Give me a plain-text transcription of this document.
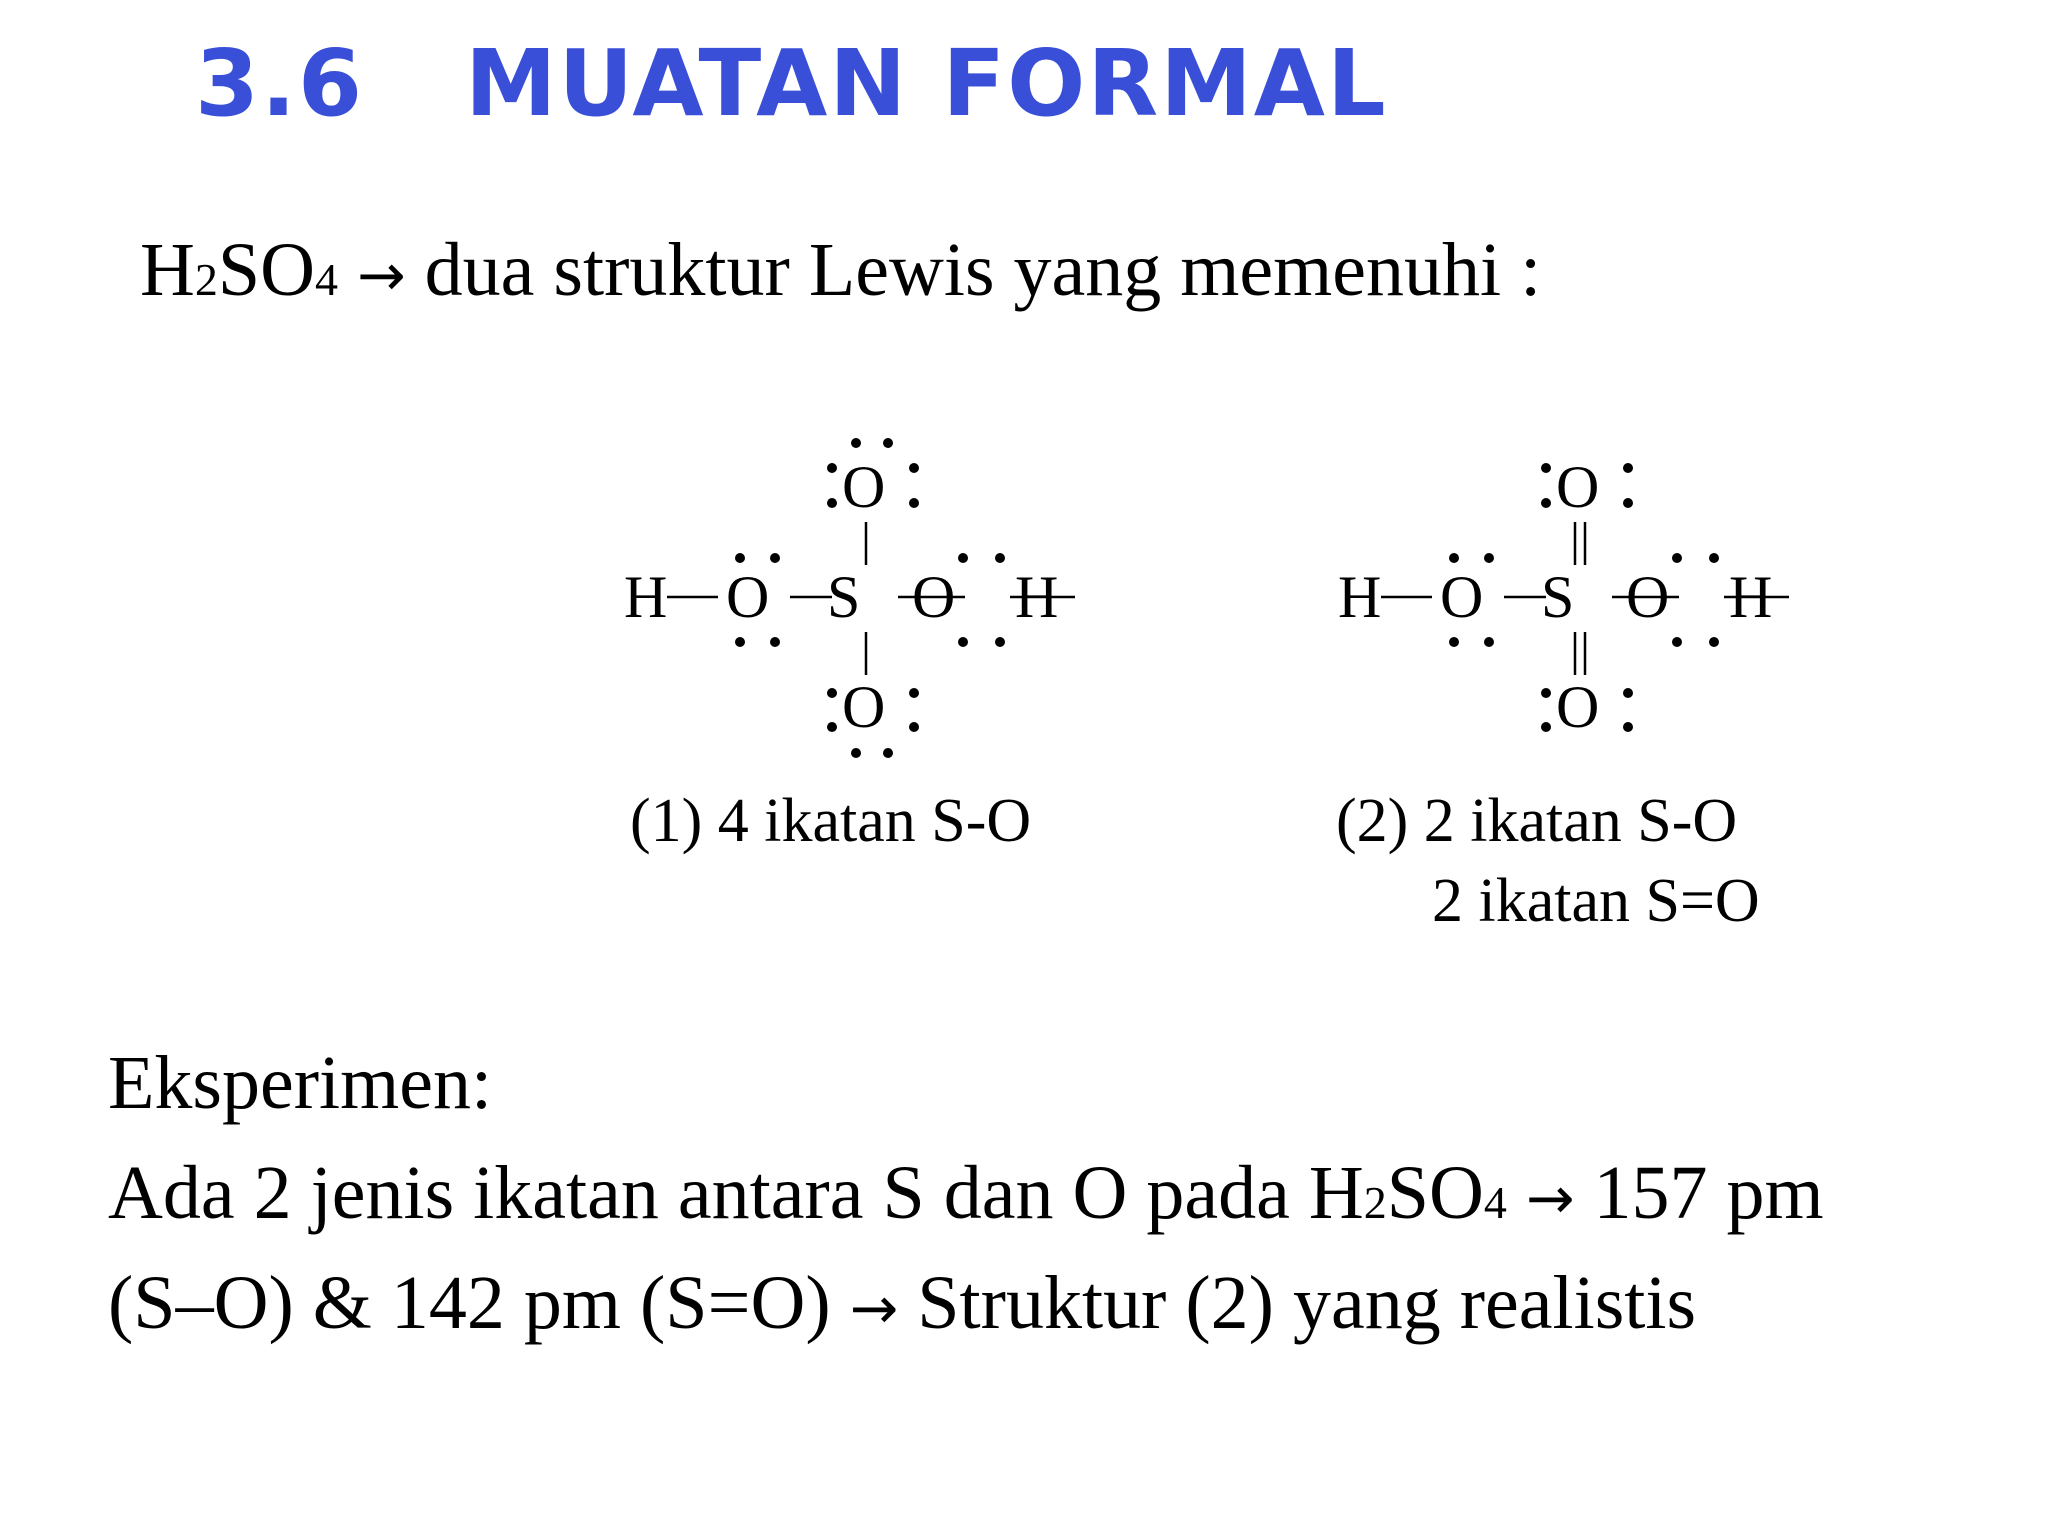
3.6 MUATAN FORMAL
H2SO4 → dua struktur Lewis yang memenuhi :
H O S O H
O
O
H O S O H
O
O
(1) 4 ikatan S-O	(2) 2 ikatan S-O
2 ikatan S=O
Eksperimen:
Ada 2 jenis ikatan antara S dan O pada H2SO4 → 157 pm
(S–O) & 142 pm (S=O) → Struktur (2) yang realistis
